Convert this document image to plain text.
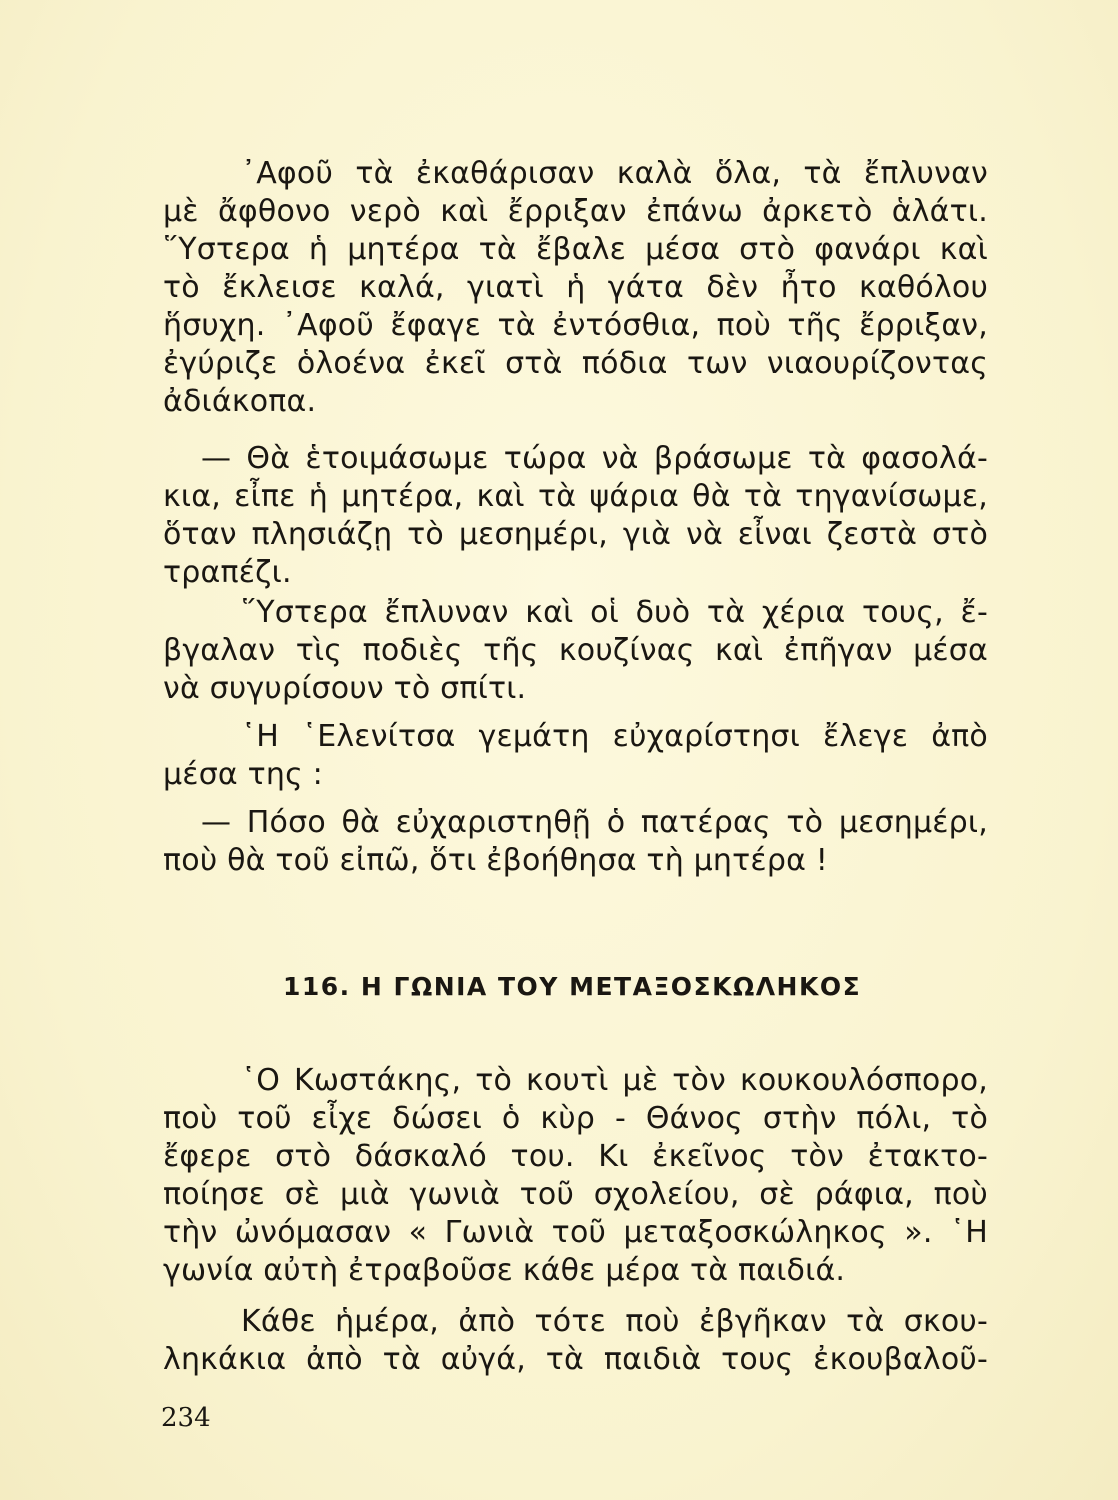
᾿Αφοῦ τὰ ἐκαθάρισαν καλὰ ὅλα, τὰ ἔπλυναν
μὲ ἄφθονο νερὸ καὶ ἔρριξαν ἐπάνω ἀρκετὸ ἁλάτι.
῞Υστερα ἡ μητέρα τὰ ἔβαλε μέσα στὸ φανάρι καὶ
τὸ ἔκλεισε καλά, γιατὶ ἡ γάτα δὲν ἦτο καθόλου
ἥσυχη. ᾿Αφοῦ ἔφαγε τὰ ἐντόσθια, ποὺ τῆς ἔρριξαν,
ἐγύριζε ὁλοένα ἐκεῖ στὰ πόδια των νιαουρίζοντας
ἀδιάκοπα.
— Θὰ ἑτοιμάσωμε τώρα νὰ βράσωμε τὰ φασολά-
κια, εἶπε ἡ μητέρα, καὶ τὰ ψάρια θὰ τὰ τηγανίσωμε,
ὅταν πλησιάζῃ τὸ μεσημέρι, γιὰ νὰ εἶναι ζεστὰ στὸ
τραπέζι.
῞Υστερα ἔπλυναν καὶ οἱ δυὸ τὰ χέρια τους, ἔ-
βγαλαν τὶς ποδιὲς τῆς κουζίνας καὶ ἐπῆγαν μέσα
νὰ συγυρίσουν τὸ σπίτι.
῾Η ῾Ελενίτσα γεμάτη εὐχαρίστησι ἔλεγε ἀπὸ
μέσα της :
— Πόσο θὰ εὐχαριστηθῇ ὁ πατέρας τὸ μεσημέρι,
ποὺ θὰ τοῦ εἰπῶ, ὅτι ἐβοήθησα τὴ μητέρα !
116. Η ΓΩΝΙΑ ΤΟΥ ΜΕΤΑΞΟΣΚΩΛΗΚΟΣ
῾Ο Κωστάκης, τὸ κουτὶ μὲ τὸν κουκουλόσπορο,
ποὺ τοῦ εἶχε δώσει ὁ κὺρ - Θάνος στὴν πόλι, τὸ
ἔφερε στὸ δάσκαλό του. Κι ἐκεῖνος τὸν ἐτακτο-
ποίησε σὲ μιὰ γωνιὰ τοῦ σχολείου, σὲ ράφια, ποὺ
τὴν ὠνόμασαν « Γωνιὰ τοῦ μεταξοσκώληκος ». ῾Η
γωνία αὐτὴ ἐτραβοῦσε κάθε μέρα τὰ παιδιά.
Κάθε ἡμέρα, ἀπὸ τότε ποὺ ἐβγῆκαν τὰ σκου-
ληκάκια ἀπὸ τὰ αὐγά, τὰ παιδιὰ τους ἐκουβαλοῦ-
234
